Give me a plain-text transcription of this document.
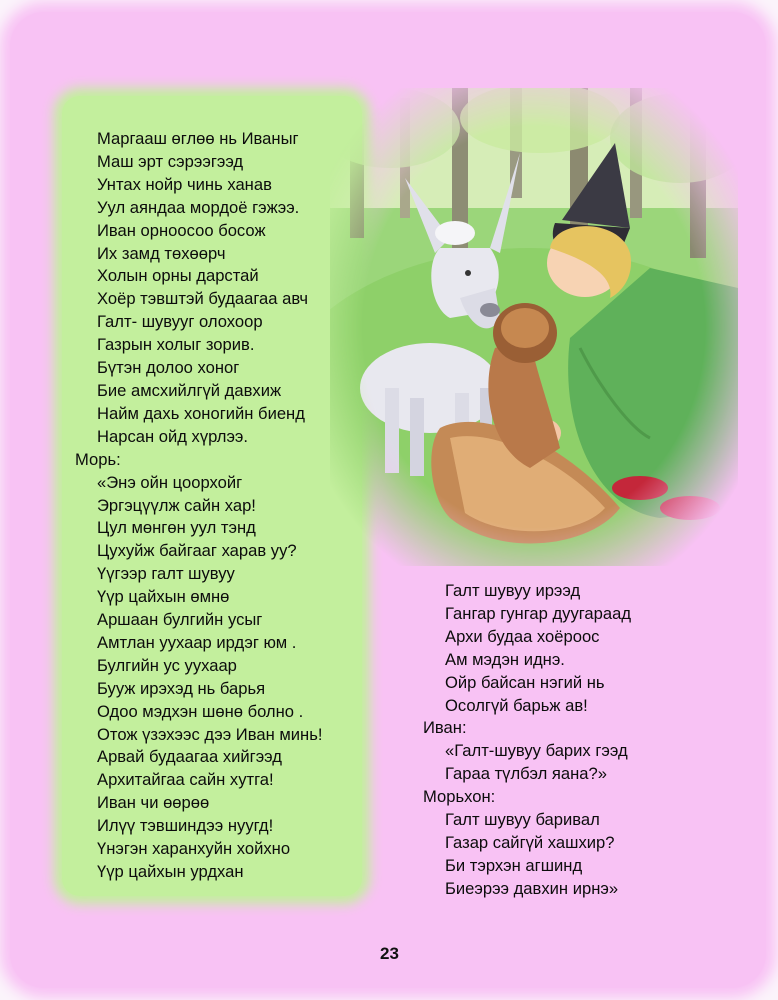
Маргааш өглөө нь Иваныг
Маш эрт сэрээгээд
Унтах нойр чинь ханав
Уул аяндаа мордоё гэжээ.
Иван орноосоо босож
Их замд төхөөрч
Холын орны дарстай
Хоёр тэвштэй будаагаа авч
Галт- шувууг олохоор
Газрын холыг зорив.
Бүтэн долоо хоног
Бие амсхийлгүй давхиж
Найм дахь хоногийн биенд
Нарсан ойд хүрлээ.
Морь:
«Энэ ойн цоорхойг
Эргэцүүлж сайн хар!
Цул мөнгөн уул тэнд
Цухуйж байгааг харав уу?
Үүгээр галт шувуу
Үүр цайхын өмнө
Аршаан булгийн усыг
Амтлан уухаар ирдэг юм .
Булгийн ус уухаар
Бууж ирэхэд нь барья
Одоо мэдхэн шөнө болно .
Отож үзэхээс дээ Иван минь!
Арвай будаагаа хийгээд
Архитайгаа сайн хутга!
Иван чи өөрөө
Илүү тэвшиндээ нуугд!
Үнэгэн харанхуйн хойхно
Үүр цайхын урдхан
Галт шувуу ирээд
Гангар гунгар дуугараад
Архи будаа хоёроос
Ам мэдэн иднэ.
Ойр байсан нэгий нь
Осолгүй барьж ав!
Иван:
«Галт-шувуу барих гээд
Гараа түлбэл яана?»
Морьхон:
Галт шувуу баривал
Газар сайгүй хашхир?
Би тэрхэн агшинд
Биеэрээ давхин ирнэ»
23
